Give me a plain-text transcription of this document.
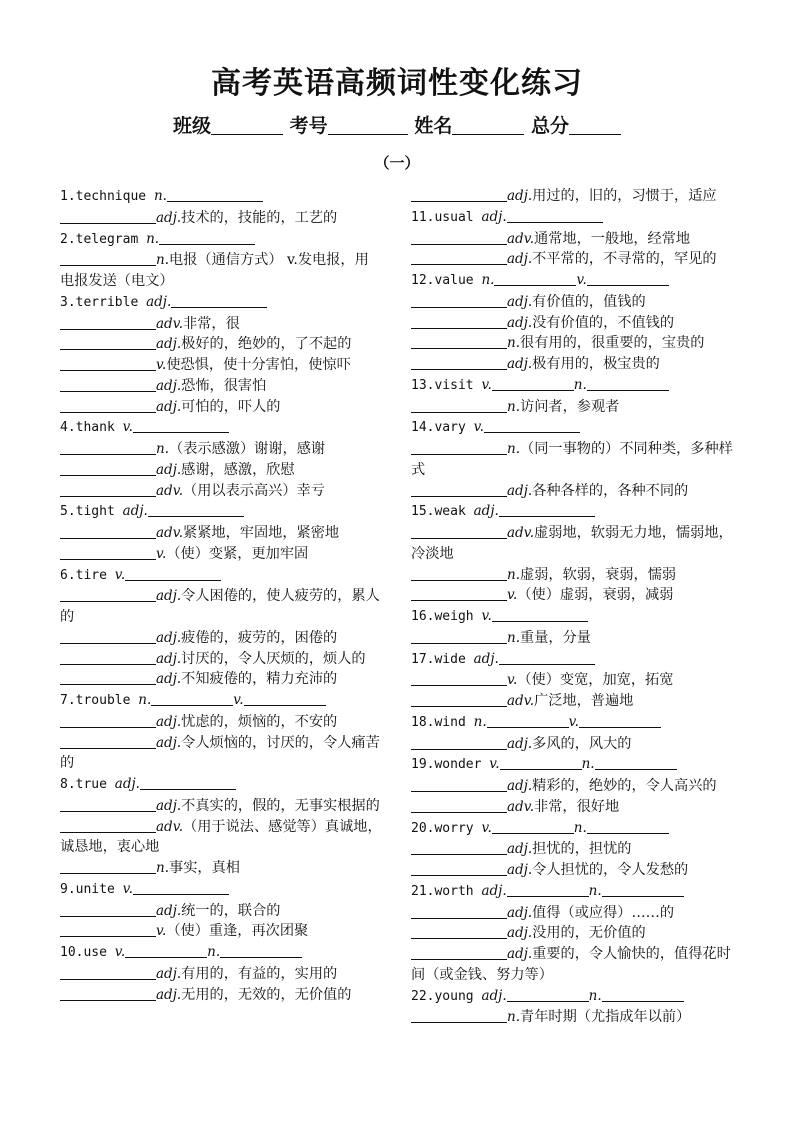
高考英语高频词性变化练习
班级	考号	姓名	总分
（一）
1.technique n.
adj.技术的，技能的，工艺的
2.telegram n.
n.电报（通信方式） v.发电报，用电报发送（电文）
3.terrible adj.
adv.非常，很
adj.极好的，绝妙的，了不起的
v.使恐惧，使十分害怕，使惊吓
adj.恐怖，很害怕
adj.可怕的，吓人的
4.thank v.
n.（表示感激）谢谢，感谢
adj.感谢，感激，欣慰
adv.（用以表示高兴）幸亏
5.tight adj.
adv.紧紧地，牢固地，紧密地
v.（使）变紧，更加牢固
6.tire v.
adj.令人困倦的，使人疲劳的，累人的
adj.疲倦的，疲劳的，困倦的
adj.讨厌的，令人厌烦的，烦人的
adj.不知疲倦的，精力充沛的
7.trouble n.	v.
adj.忧虑的，烦恼的，不安的
adj.令人烦恼的，讨厌的，令人痛苦的
8.true adj.
adj.不真实的，假的，无事实根据的
adv.（用于说法、感觉等）真诚地，诚恳地，衷心地
n.事实，真相
9.unite v.
adj.统一的，联合的
v.（使）重逢，再次团聚
10.use v.	n.
adj.有用的，有益的，实用的
adj.无用的，无效的，无价值的
adj.用过的，旧的，习惯于，适应
11.usual adj.
adv.通常地，一般地，经常地
adj.不平常的，不寻常的，罕见的
12.value n.	v.
adj.有价值的，值钱的
adj.没有价值的，不值钱的
n.很有用的，很重要的，宝贵的
adj.极有用的，极宝贵的
13.visit v.	n.
n.访问者，参观者
14.vary v.
n.（同一事物的）不同种类，多种样式
adj.各种各样的，各种不同的
15.weak adj.
adv.虚弱地，软弱无力地，懦弱地，冷淡地
n.虚弱，软弱，衰弱，懦弱
v.（使）虚弱，衰弱，减弱
16.weigh v.
n.重量，分量
17.wide adj.
v.（使）变宽，加宽，拓宽
adv.广泛地，普遍地
18.wind n.	v.
adj.多风的，风大的
19.wonder v.	n.
adj.精彩的，绝妙的，令人高兴的
adv.非常，很好地
20.worry v.	n.
adj.担忧的，担忧的
adj.令人担忧的，令人发愁的
21.worth adj.	n.
adj.值得（或应得）……的
adj.没用的，无价值的
adj.重要的，令人愉快的，值得花时间（或金钱、努力等）
22.young adj.	n.
n.青年时期（尤指成年以前）
